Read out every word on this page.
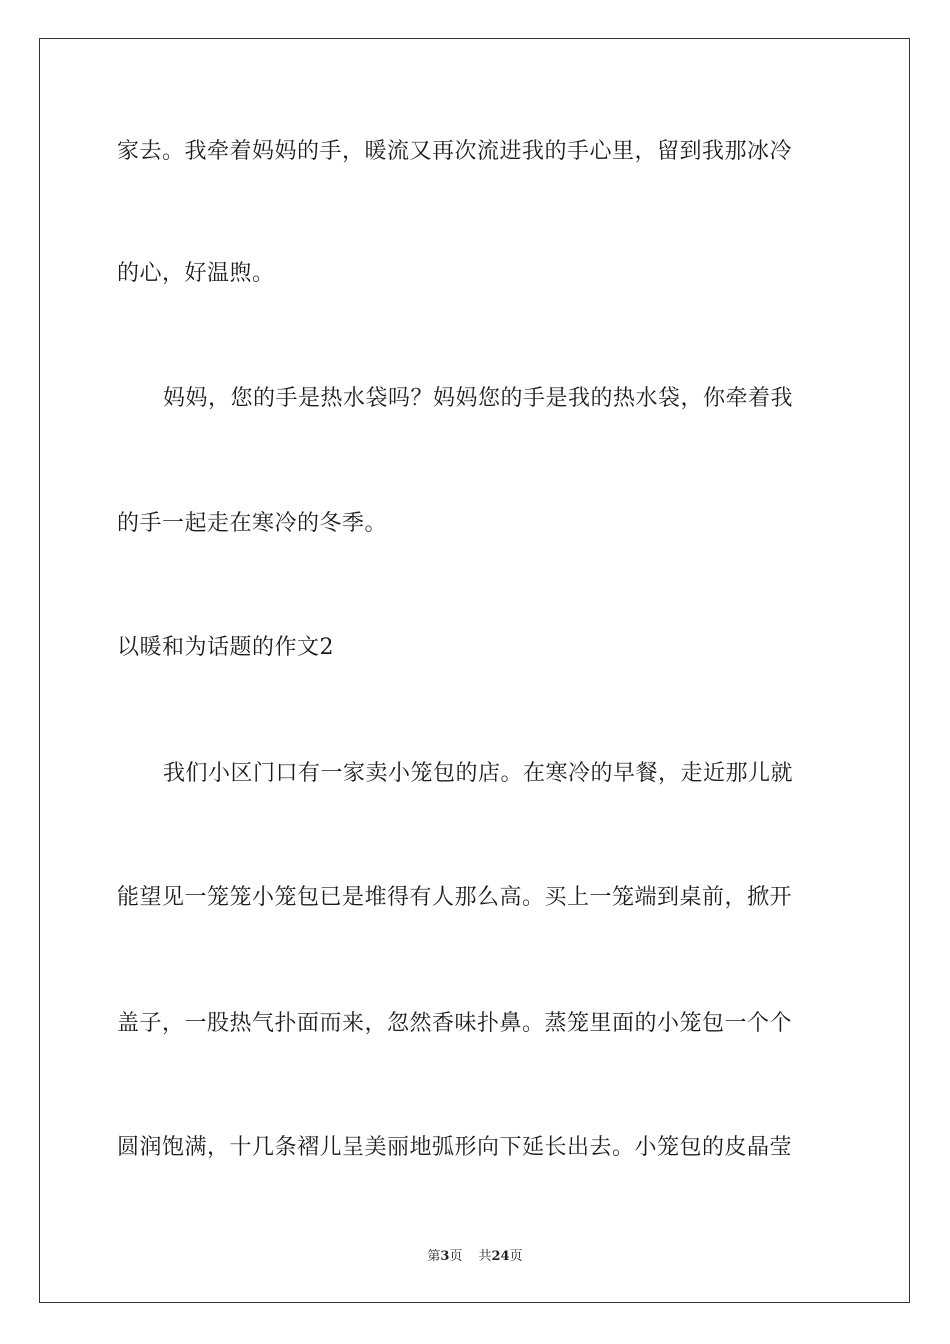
家去。我牵着妈妈的手，暖流又再次流进我的手心里，留到我那冰冷
的心，好温煦。
妈妈，您的手是热水袋吗？妈妈您的手是我的热水袋，你牵着我
的手一起走在寒冷的冬季。
以暖和为话题的作文2
我们小区门口有一家卖小笼包的店。在寒冷的早餐，走近那儿就
能望见一笼笼小笼包已是堆得有人那么高。买上一笼端到桌前，掀开
盖子，一股热气扑面而来，忽然香味扑鼻。蒸笼里面的小笼包一个个
圆润饱满，十几条褶儿呈美丽地弧形向下延长出去。小笼包的皮晶莹
第3页 共24页
